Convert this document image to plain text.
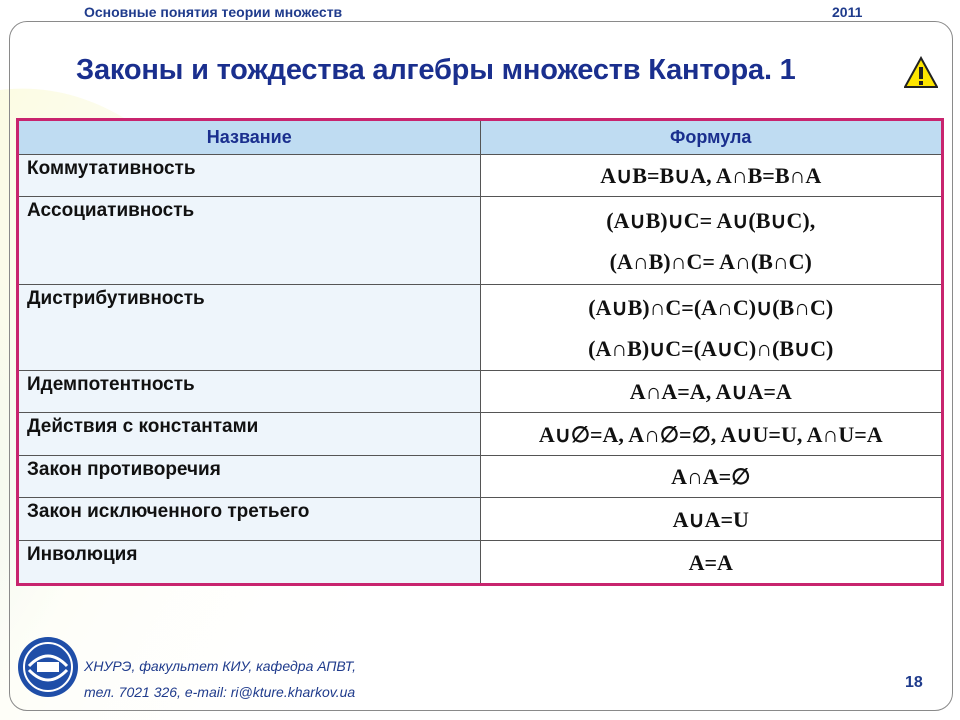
Основные понятия теории множеств	2011
Законы и тождества алгебры множеств Кантора. 1
Название	Формула
Коммутативность	A∪B=B∪A, A∩B=B∩A

Ассоциативность	(A∪B)∪C= A∪(B∪C),
(A∩B)∩C= A∩(B∩C)

Дистрибутивность	(A∪B)∩C=(A∩C)∪(B∩C)
(A∩B)∪C=(A∪C)∩(B∪C)

Идемпотентность	A∩A=A, A∪A=A

Действия с константами	A∪∅=A, A∩∅=∅, A∪U=U, A∩U=A

Закон противоречия	A∩A=∅

Закон исключенного третьего	A∪A=U

Инволюция	A=A
ХНУРЭ, факультет КИУ, кафедра АПВТ,
тел. 7021 326, e-mail: ri@kture.kharkov.ua
18
